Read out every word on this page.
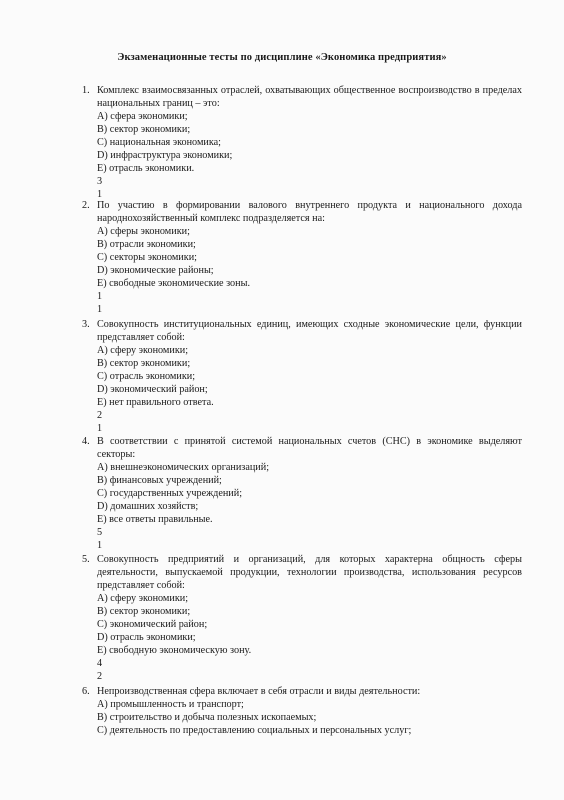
Экзаменационные тесты по дисциплине «Экономика предприятия»
1. Комплекс взаимосвязанных отраслей, охватывающих общественное воспроизводство в пределах национальных границ – это:
А) сфера экономики;
В) сектор экономики;
С) национальная экономика;
D) инфраструктура экономики;
E) отрасль экономики.
3
1
2. По участию в формировании валового внутреннего продукта и национального дохода народнохозяйственный комплекс подразделяется на:
А) сферы экономики;
В) отрасли экономики;
С) секторы экономики;
D) экономические районы;
E) свободные экономические зоны.
1
1
3. Совокупность институциональных единиц, имеющих сходные экономические цели, функции представляет собой:
А) сферу экономики;
В) сектор экономики;
С) отрасль экономики;
D) экономический район;
E) нет правильного ответа.
2
1
4. В соответствии с принятой системой национальных счетов (СНС) в экономике выделяют секторы:
А) внешнеэкономических организаций;
В) финансовых учреждений;
С) государственных учреждений;
D) домашних хозяйств;
E) все ответы правильные.
5
1
5. Совокупность предприятий и организаций, для которых характерна общность сферы деятельности, выпускаемой продукции, технологии производства, использования ресурсов представляет собой:
А) сферу экономики;
В) сектор экономики;
С) экономический район;
D) отрасль экономики;
E) свободную экономическую зону.
4
2
6. Непроизводственная сфера включает в себя отрасли и виды деятельности:
А) промышленность и транспорт;
В) строительство и добыча полезных ископаемых;
С) деятельность по предоставлению социальных и персональных услуг;
